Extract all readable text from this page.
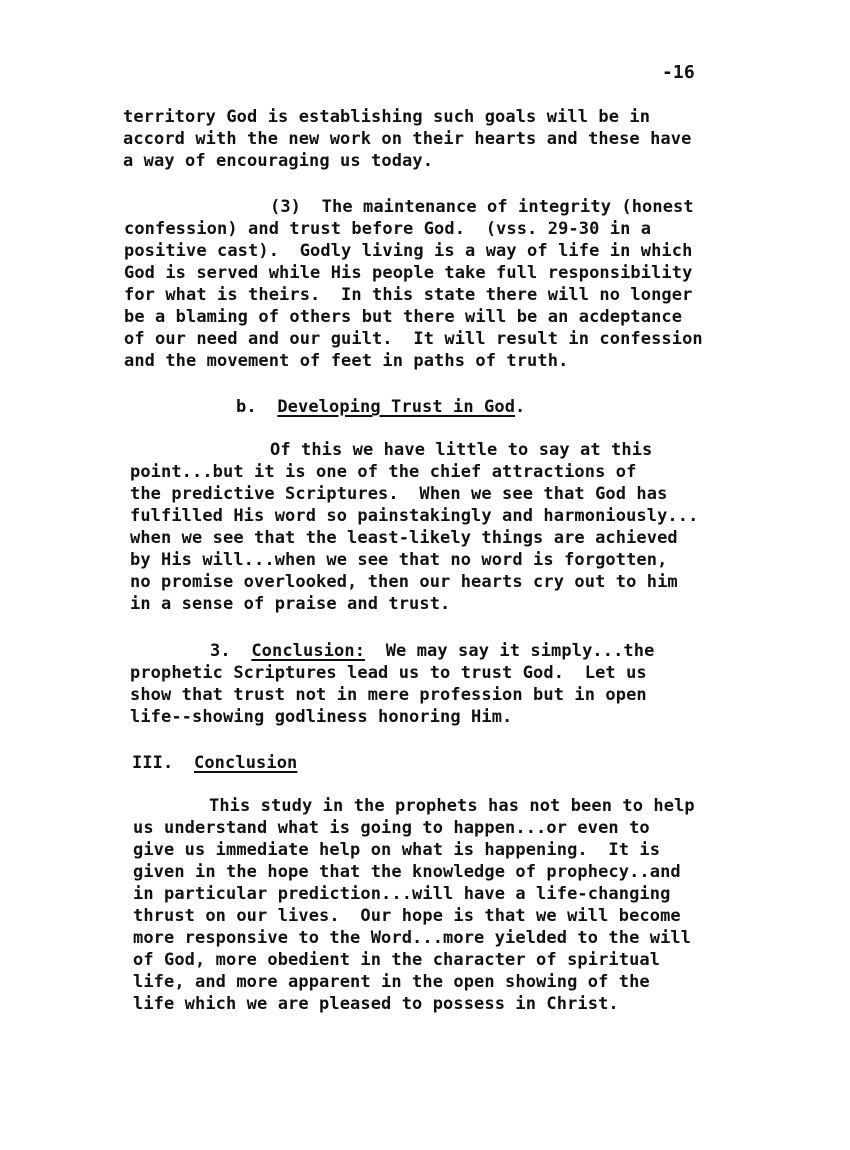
-16
territory God is establishing such goals will be in
accord with the new work on their hearts and these have
a way of encouraging us today.
(3)  The maintenance of integrity (honest
confession) and trust before God.  (vss. 29-30 in a
positive cast).  Godly living is a way of life in which
God is served while His people take full responsibility
for what is theirs.  In this state there will no longer
be a blaming of others but there will be an acdeptance
of our need and our guilt.  It will result in confession
and the movement of feet in paths of truth.
b. Developing Trust in God.
Of this we have little to say at this
point...but it is one of the chief attractions of
the predictive Scriptures.  When we see that God has
fulfilled His word so painstakingly and harmoniously...
when we see that the least-likely things are achieved
by His will...when we see that no word is forgotten,
no promise overlooked, then our hearts cry out to him
in a sense of praise and trust.
3. Conclusion:  We may say it simply...the
prophetic Scriptures lead us to trust God.  Let us
show that trust not in mere profession but in open
life--showing godliness honoring Him.
III. Conclusion
This study in the prophets has not been to help
us understand what is going to happen...or even to
give us immediate help on what is happening.  It is
given in the hope that the knowledge of prophecy..and
in particular prediction...will have a life-changing
thrust on our lives.  Our hope is that we will become
more responsive to the Word...more yielded to the will
of God, more obedient in the character of spiritual
life, and more apparent in the open showing of the
life which we are pleased to possess in Christ.
